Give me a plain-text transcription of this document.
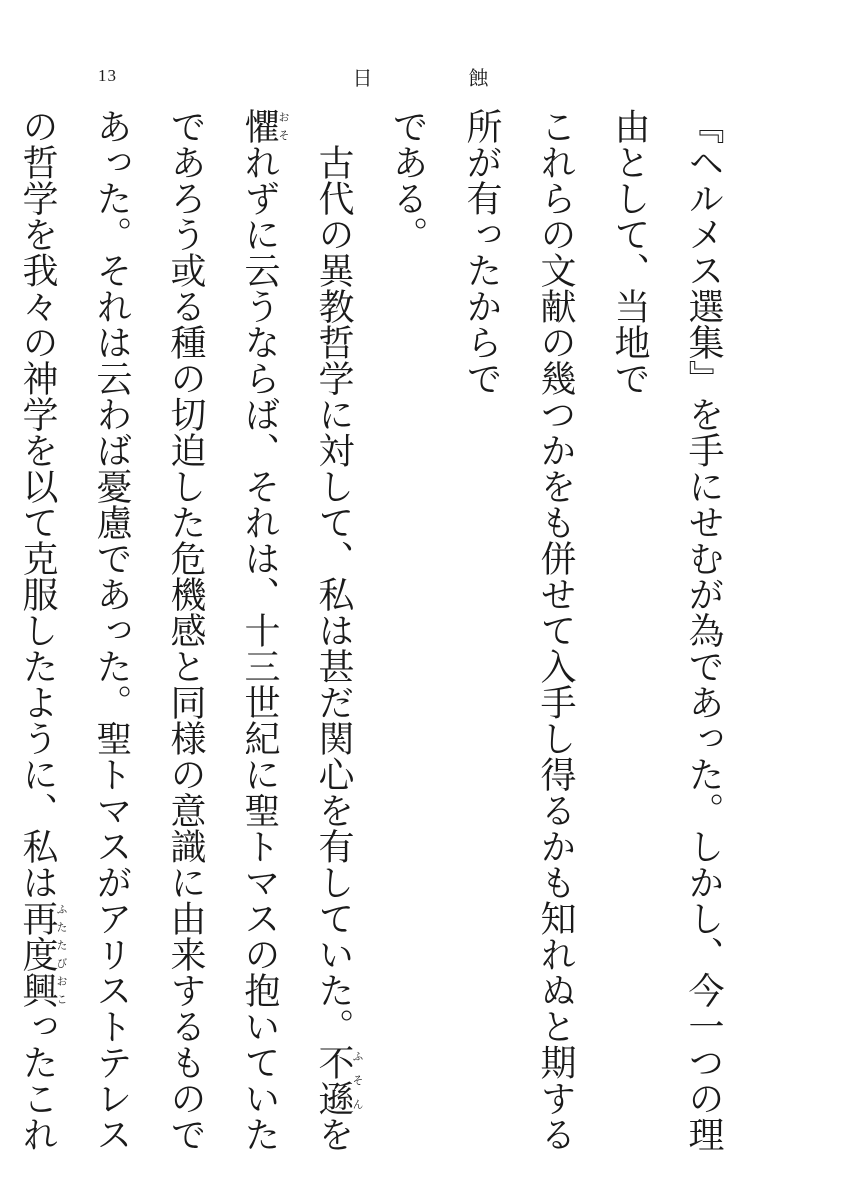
13	日蝕

『ヘルメス選集』を手にせむが為であった。しかし、今一つの理由として、当地で

これらの文献の幾つかをも併せて入手し得るかも知れぬと期する所が有ったからで

である。

古代の異教哲学に対して、私は甚だ関心を有していた。不遜ふそんを懼おそれずに云うならば、それは、十三世紀に聖トマスの抱いていたであろう或る種の切迫した危機感と同様の意識に由来するものであった。それは云わば憂慮であった。聖トマスがアリストテレスの哲学を我々の神学を以て克服したように、私は再度ふたたび興おこったこれ
